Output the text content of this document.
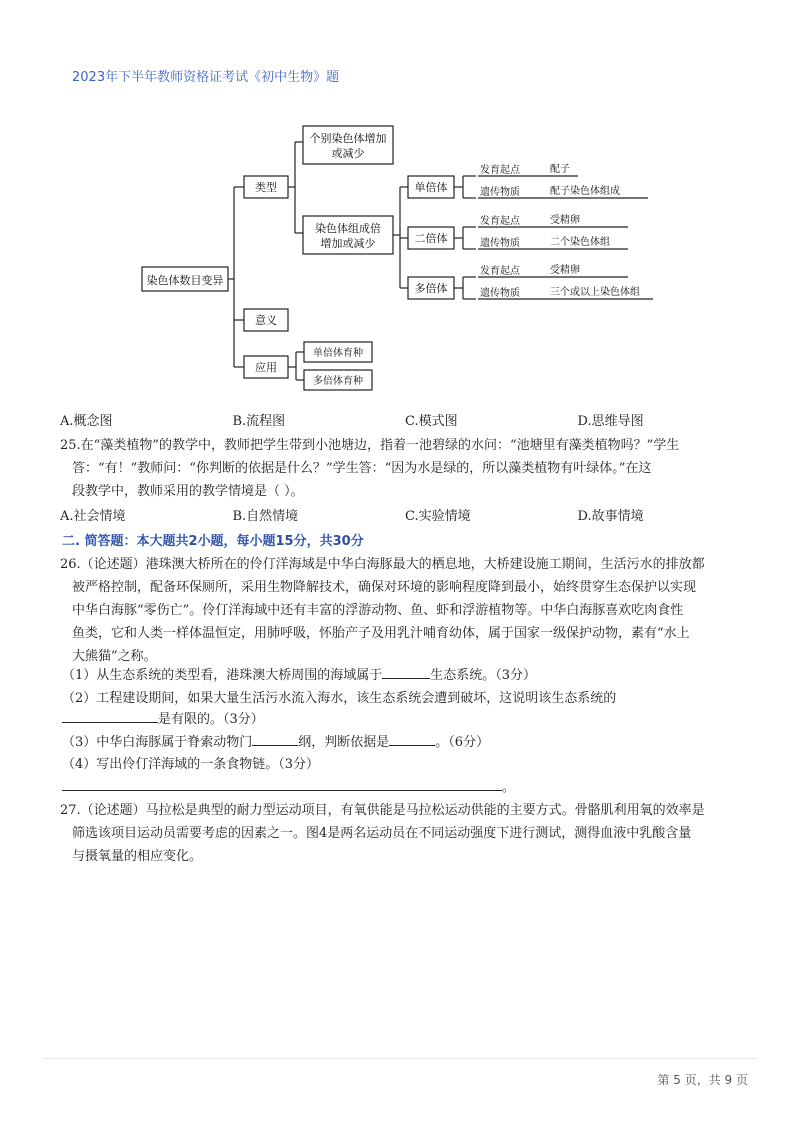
2023年下半年教师资格证考试《初中生物》题
染色体数目变异
类型
个别染色体增加
或减少
染色体组成倍
增加或减少
单倍体
发育起点	配子
遗传物质	配子染色体组成
二倍体
发育起点	受精卵
遗传物质	二个染色体组
多倍体
发育起点	受精卵
遗传物质	三个或以上染色体组
意义
应用
单倍体育种
多倍体育种
A.概念图	B.流程图	C.模式图	D.思维导图
25.在“藻类植物”的教学中，教师把学生带到小池塘边，指着一池碧绿的水问：“池塘里有藻类植物吗？”学生
答：“有！”教师问：“你判断的依据是什么？”学生答：“因为水是绿的，所以藻类植物有叶绿体。”在这
段教学中，教师采用的教学情境是（ ）。
A.社会情境	B.自然情境	C.实验情境	D.故事情境
二. 简答题：本大题共2小题，每小题15分，共30分
26.（论述题）港珠澳大桥所在的伶仃洋海域是中华白海豚最大的栖息地，大桥建设施工期间，生活污水的排放都
被严格控制，配备环保厕所，采用生物降解技术，确保对环境的影响程度降到最小，始终贯穿生态保护以实现
中华白海豚“零伤亡”。伶仃洋海域中还有丰富的浮游动物、鱼、虾和浮游植物等。中华白海豚喜欢吃肉食性
鱼类，它和人类一样体温恒定，用肺呼吸，怀胎产子及用乳汁哺育幼体，属于国家一级保护动物，素有“水上
大熊猫”之称。
（1）从生态系统的类型看，港珠澳大桥周围的海域属于	生态系统。（3分）
（2）工程建设期间，如果大量生活污水流入海水，该生态系统会遭到破坏，这说明该生态系统的
是有限的。（3分）
（3）中华白海豚属于脊索动物门	纲，判断依据是	。（6分）
（4）写出伶仃洋海域的一条食物链。（3分）
。
27.（论述题）马拉松是典型的耐力型运动项目，有氧供能是马拉松运动供能的主要方式。骨骼肌利用氧的效率是
筛选该项目运动员需要考虑的因素之一。图4是两名运动员在不同运动强度下进行测试，测得血液中乳酸含量
与摄氧量的相应变化。
第 5 页，共 9 页
